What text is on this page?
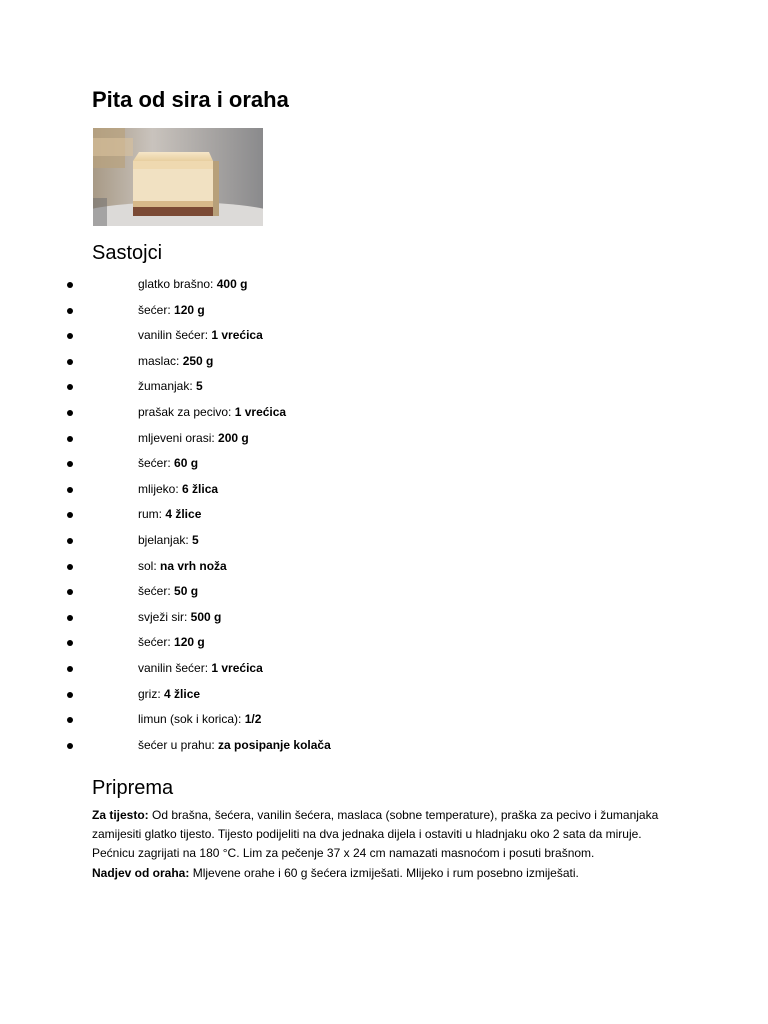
Pita od sira i oraha
Sastojci
glatko brašno: 400 g
šećer: 120 g
vanilin šećer: 1 vrećica
maslac: 250 g
žumanjak: 5
prašak za pecivo: 1 vrećica
mljeveni orasi: 200 g
šećer: 60 g
mlijeko: 6 žlica
rum: 4 žlice
bjelanjak: 5
sol: na vrh noža
šećer: 50 g
svježi sir: 500 g
šećer: 120 g
vanilin šećer: 1 vrećica
griz: 4 žlice
limun (sok i korica): 1/2
šećer u prahu: za posipanje kolača
Priprema

Za tijesto: Od brašna, šećera, vanilin šećera, maslaca (sobne temperature), praška za pecivo i žumanjaka zamijesiti glatko tijesto. Tijesto podijeliti na dva jednaka dijela i ostaviti u hladnjaku oko 2 sata da miruje. Pećnicu zagrijati na 180 °C. Lim za pečenje 37 x 24 cm namazati masnoćom i posuti brašnom.
Nadjev od oraha: Mljevene orahe i 60 g šećera izmiješati. Mlijeko i rum posebno izmiješati.
